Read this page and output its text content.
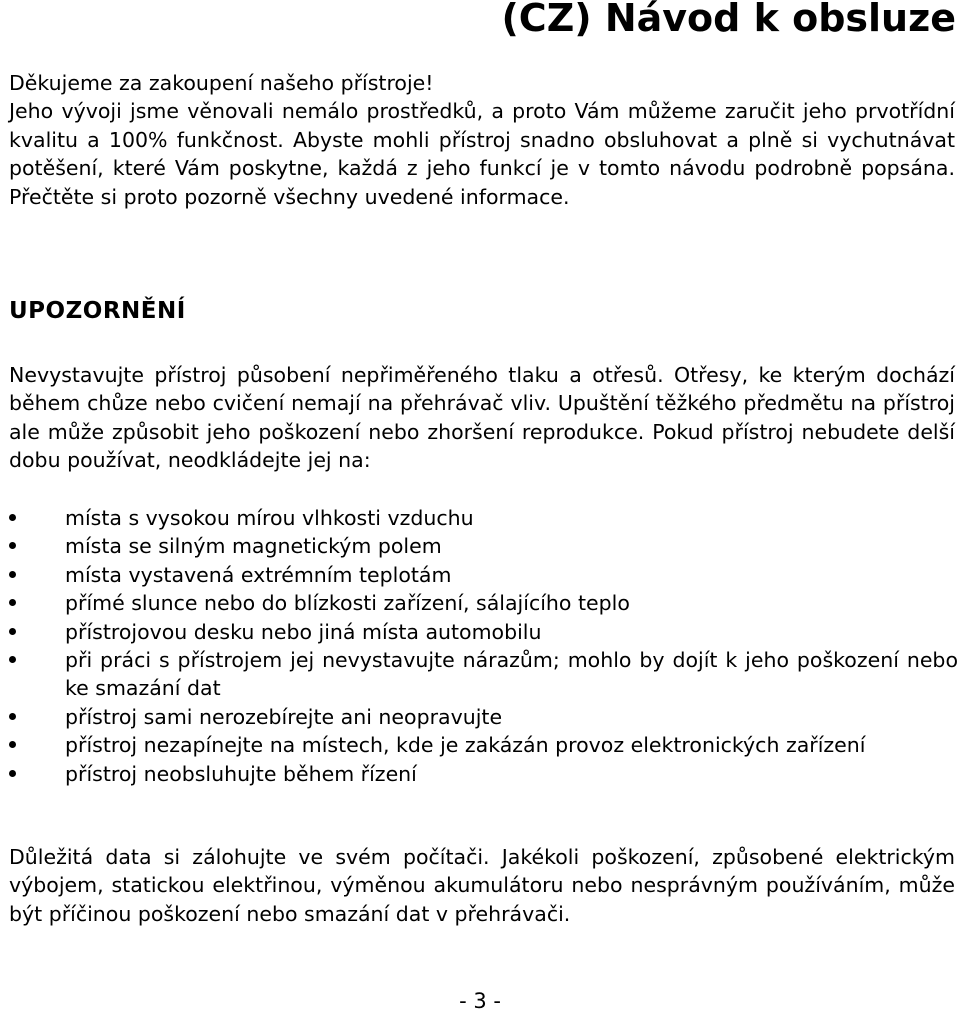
(CZ) Návod k obsluze

Děkujeme za zakoupení našeho přístroje!
Jeho vývoji jsme věnovali nemálo prostředků, a proto Vám můžeme zaručit jeho prvotřídní kvalitu a 100% funkčnost. Abyste mohli přístroj snadno obsluhovat a plně si vychutnávat potěšení, které Vám poskytne, každá z jeho funkcí je v tomto návodu podrobně popsána. Přečtěte si proto pozorně všechny uvedené informace.

UPOZORNĚNÍ

Nevystavujte přístroj působení nepřiměřeného tlaku a otřesů. Otřesy, ke kterým dochází během chůze nebo cvičení nemají na přehrávač vliv. Upuštění těžkého předmětu na přístroj ale může způsobit jeho poškození nebo zhoršení reprodukce. Pokud přístroj nebudete delší dobu používat, neodkládejte jej na:

místa s vysokou mírou vlhkosti vzduchu
místa se silným magnetickým polem
místa vystavená extrémním teplotám
přímé slunce nebo do blízkosti zařízení, sálajícího teplo
přístrojovou desku nebo jiná místa automobilu
při práci s přístrojem jej nevystavujte nárazům; mohlo by dojít k jeho poškození nebo ke smazání dat
přístroj sami nerozebírejte ani neopravujte
přístroj nezapínejte na místech, kde je zakázán provoz elektronických zařízení
přístroj neobsluhujte během řízení

Důležitá data si zálohujte ve svém počítači. Jakékoli poškození, způsobené elektrickým výbojem, statickou elektřinou, výměnou akumulátoru nebo nesprávným používáním, může být příčinou poškození nebo smazání dat v přehrávači.

- 3 -
